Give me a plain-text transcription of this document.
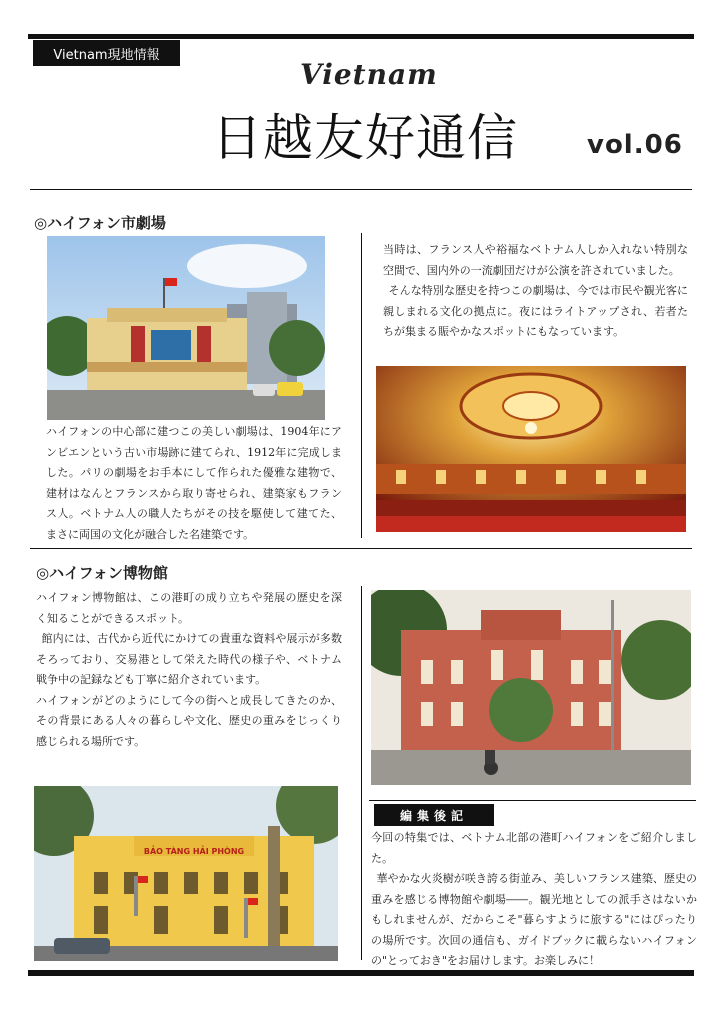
Vietnam現地情報
Vietnam
日越友好通信	vol.06
◎ハイフォン市劇場
ハイフォンの中心部に建つこの美しい劇場は、1904年にアンビエンという古い市場跡に建てられ、1912年に完成しました。パリの劇場をお手本にして作られた優雅な建物で、建材はなんとフランスから取り寄せられ、建築家もフランス人。ベトナム人の職人たちがその技を駆使して建てた、まさに両国の文化が融合した名建築です。

当時は、フランス人や裕福なベトナム人しか入れない特別な空間で、国内外の一流劇団だけが公演を許されていました。

そんな特別な歴史を持つこの劇場は、今では市民や観光客に親しまれる文化の拠点に。夜にはライトアップされ、若者たちが集まる賑やかなスポットにもなっています。

◎ハイフォン博物館

ハイフォン博物館は、この港町の成り立ちや発展の歴史を深く知ることができるスポット。

館内には、古代から近代にかけての貴重な資料や展示が多数そろっており、交易港として栄えた時代の様子や、ベトナム戦争中の記録なども丁寧に紹介されています。

ハイフォンがどのようにして今の街へと成長してきたのか、その背景にある人々の暮らしや文化、歴史の重みをじっくり感じられる場所です。

BẢO TÀNG HẢI PHÒNG
編集後記

今回の特集では、ベトナム北部の港町ハイフォンをご紹介しました。

華やかな火炎樹が咲き誇る街並み、美しいフランス建築、歴史の重みを感じる博物館や劇場――。観光地としての派手さはないかもしれませんが、だからこそ"暮らすように旅する"にはぴったりの場所です。次回の通信も、ガイドブックに載らないハイフォンの"とっておき"をお届けします。お楽しみに！
